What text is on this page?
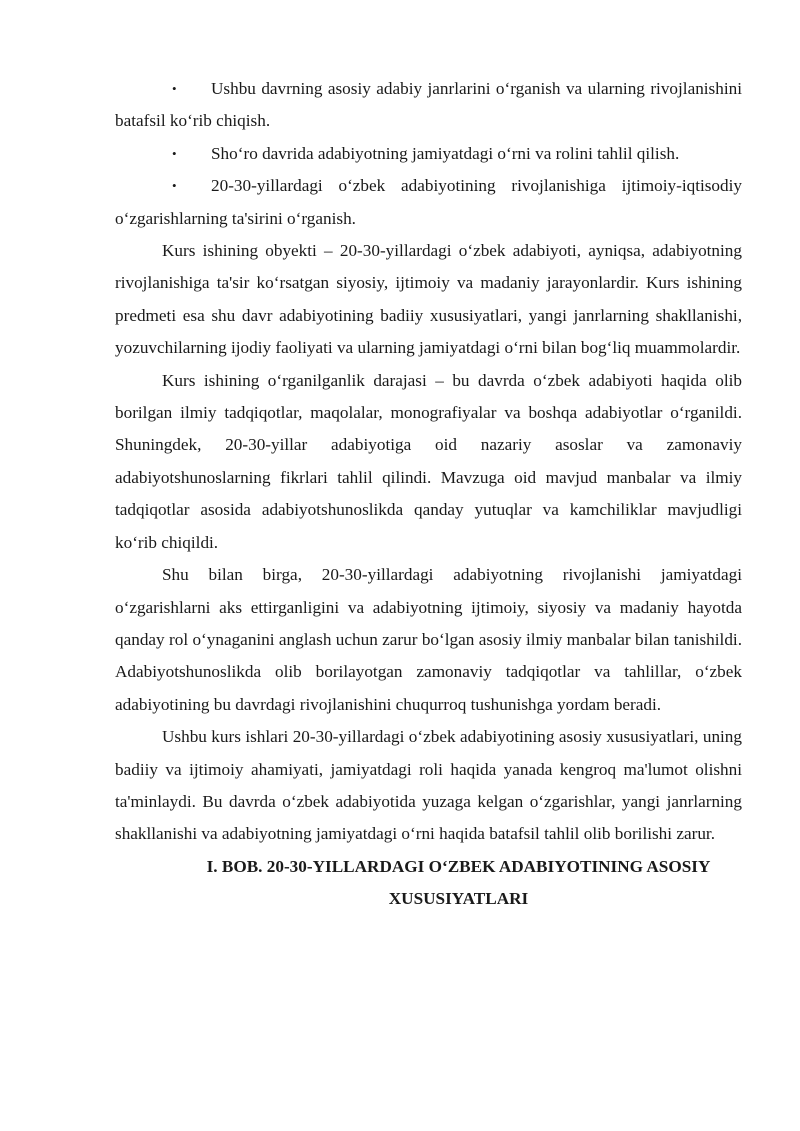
• Ushbu davrning asosiy adabiy janrlarini o‘rganish va ularning rivojlanishini batafsil ko‘rib chiqish.

• Sho‘ro davrida adabiyotning jamiyatdagi o‘rni va rolini tahlil qilish.

• 20-30-yillardagi o‘zbek adabiyotining rivojlanishiga ijtimoiy-iqtisodiy o‘zgarishlarning ta'sirini o‘rganish.

Kurs ishining obyekti – 20-30-yillardagi o‘zbek adabiyoti, ayniqsa, adabiyotning rivojlanishiga ta'sir ko‘rsatgan siyosiy, ijtimoiy va madaniy jarayonlardir. Kurs ishining predmeti esa shu davr adabiyotining badiiy xususiyatlari, yangi janrlarning shakllanishi, yozuvchilarning ijodiy faoliyati va ularning jamiyatdagi o‘rni bilan bog‘liq muammolardir.

Kurs ishining o‘rganilganlik darajasi – bu davrda o‘zbek adabiyoti haqida olib borilgan ilmiy tadqiqotlar, maqolalar, monografiyalar va boshqa adabiyotlar o‘rganildi. Shuningdek, 20-30-yillar adabiyotiga oid nazariy asoslar va zamonaviy adabiyotshunoslarning fikrlari tahlil qilindi. Mavzuga oid mavjud manbalar va ilmiy tadqiqotlar asosida adabiyotshunoslikda qanday yutuqlar va kamchiliklar mavjudligi ko‘rib chiqildi.

Shu bilan birga, 20-30-yillardagi adabiyotning rivojlanishi jamiyatdagi o‘zgarishlarni aks ettirganligini va adabiyotning ijtimoiy, siyosiy va madaniy hayotda qanday rol o‘ynaganini anglash uchun zarur bo‘lgan asosiy ilmiy manbalar bilan tanishildi. Adabiyotshunoslikda olib borilayotgan zamonaviy tadqiqotlar va tahlillar, o‘zbek adabiyotining bu davrdagi rivojlanishini chuqurroq tushunishga yordam beradi.

Ushbu kurs ishlari 20-30-yillardagi o‘zbek adabiyotining asosiy xususiyatlari, uning badiiy va ijtimoiy ahamiyati, jamiyatdagi roli haqida yanada kengroq ma'lumot olishni ta'minlaydi. Bu davrda o‘zbek adabiyotida yuzaga kelgan o‘zgarishlar, yangi janrlarning shakllanishi va adabiyotning jamiyatdagi o‘rni haqida batafsil tahlil olib borilishi zarur.

I. BOB. 20-30-YILLARDAGI O‘ZBEK ADABIYOTINING ASOSIY XUSUSIYATLARI
